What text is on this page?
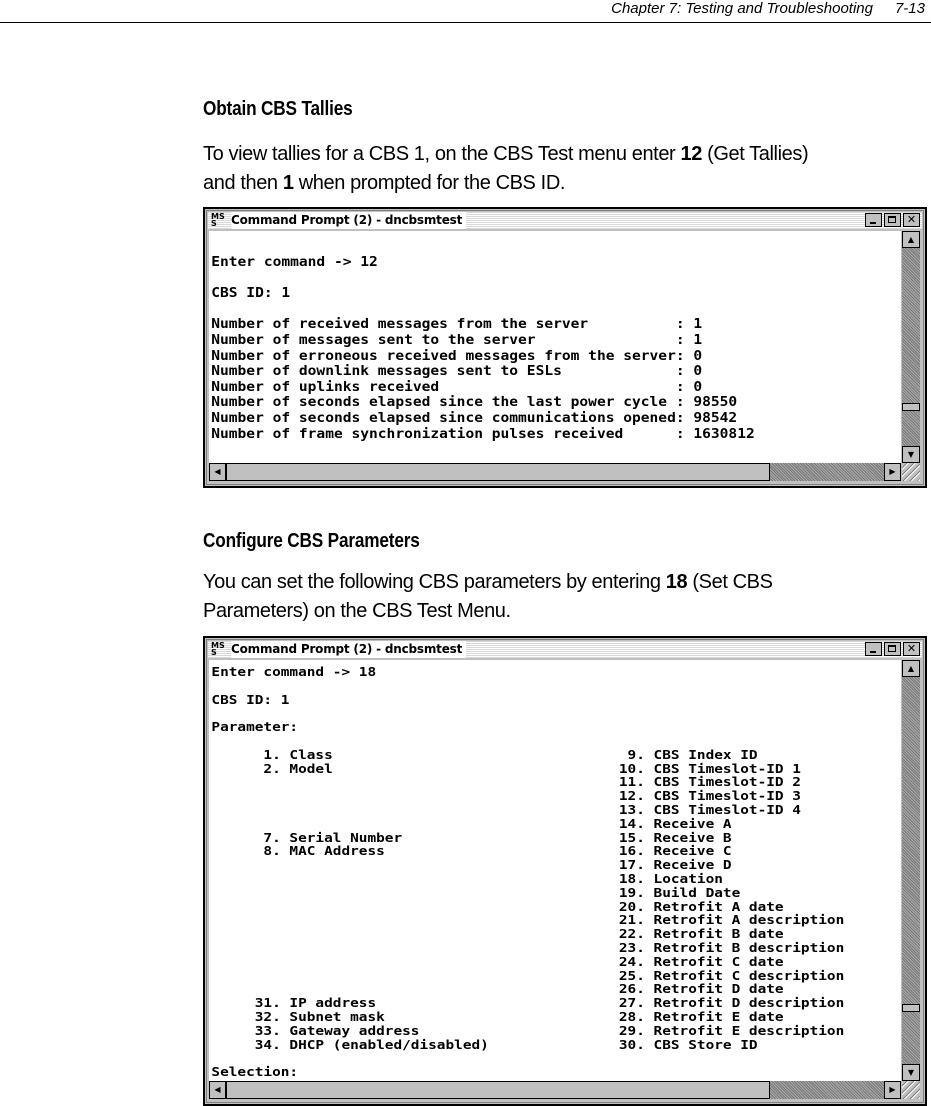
Chapter 7: Testing and Troubleshooting 7-13
Obtain CBS Tallies

To view tallies for a CBS 1, on the CBS Test menu enter 12 (Get Tallies)
and then 1 when prompted for the CBS ID.

MS
S	Command Prompt (2) - dncbsmtest	✕
Enter command -> 12

CBS ID: 1

Number of received messages from the server          : 1
Number of messages sent to the server                : 1
Number of erroneous received messages from the server: 0
Number of downlink messages sent to ESLs             : 0
Number of uplinks received                           : 0
Number of seconds elapsed since the last power cycle : 98550
Number of seconds elapsed since communications opened: 98542
Number of frame synchronization pulses received      : 1630812
▲
▼
◀	▶
Configure CBS Parameters

You can set the following CBS parameters by entering 18 (Set CBS
Parameters) on the CBS Test Menu.

MS
S	Command Prompt (2) - dncbsmtest	✕
Enter command -> 18

CBS ID: 1

Parameter:

1. Class                                  9. CBS Index ID
2. Model                                 10. CBS Timeslot-ID 1
11. CBS Timeslot-ID 2
12. CBS Timeslot-ID 3
13. CBS Timeslot-ID 4
14. Receive A
7. Serial Number                         15. Receive B
8. MAC Address                           16. Receive C
17. Receive D
18. Location
19. Build Date
20. Retrofit A date
21. Retrofit A description
22. Retrofit B date
23. Retrofit B description
24. Retrofit C date
25. Retrofit C description
26. Retrofit D date
31. IP address                            27. Retrofit D description
32. Subnet mask                           28. Retrofit E date
33. Gateway address                       29. Retrofit E description
34. DHCP (enabled/disabled)               30. CBS Store ID

Selection:
▲
▼
◀	▶
